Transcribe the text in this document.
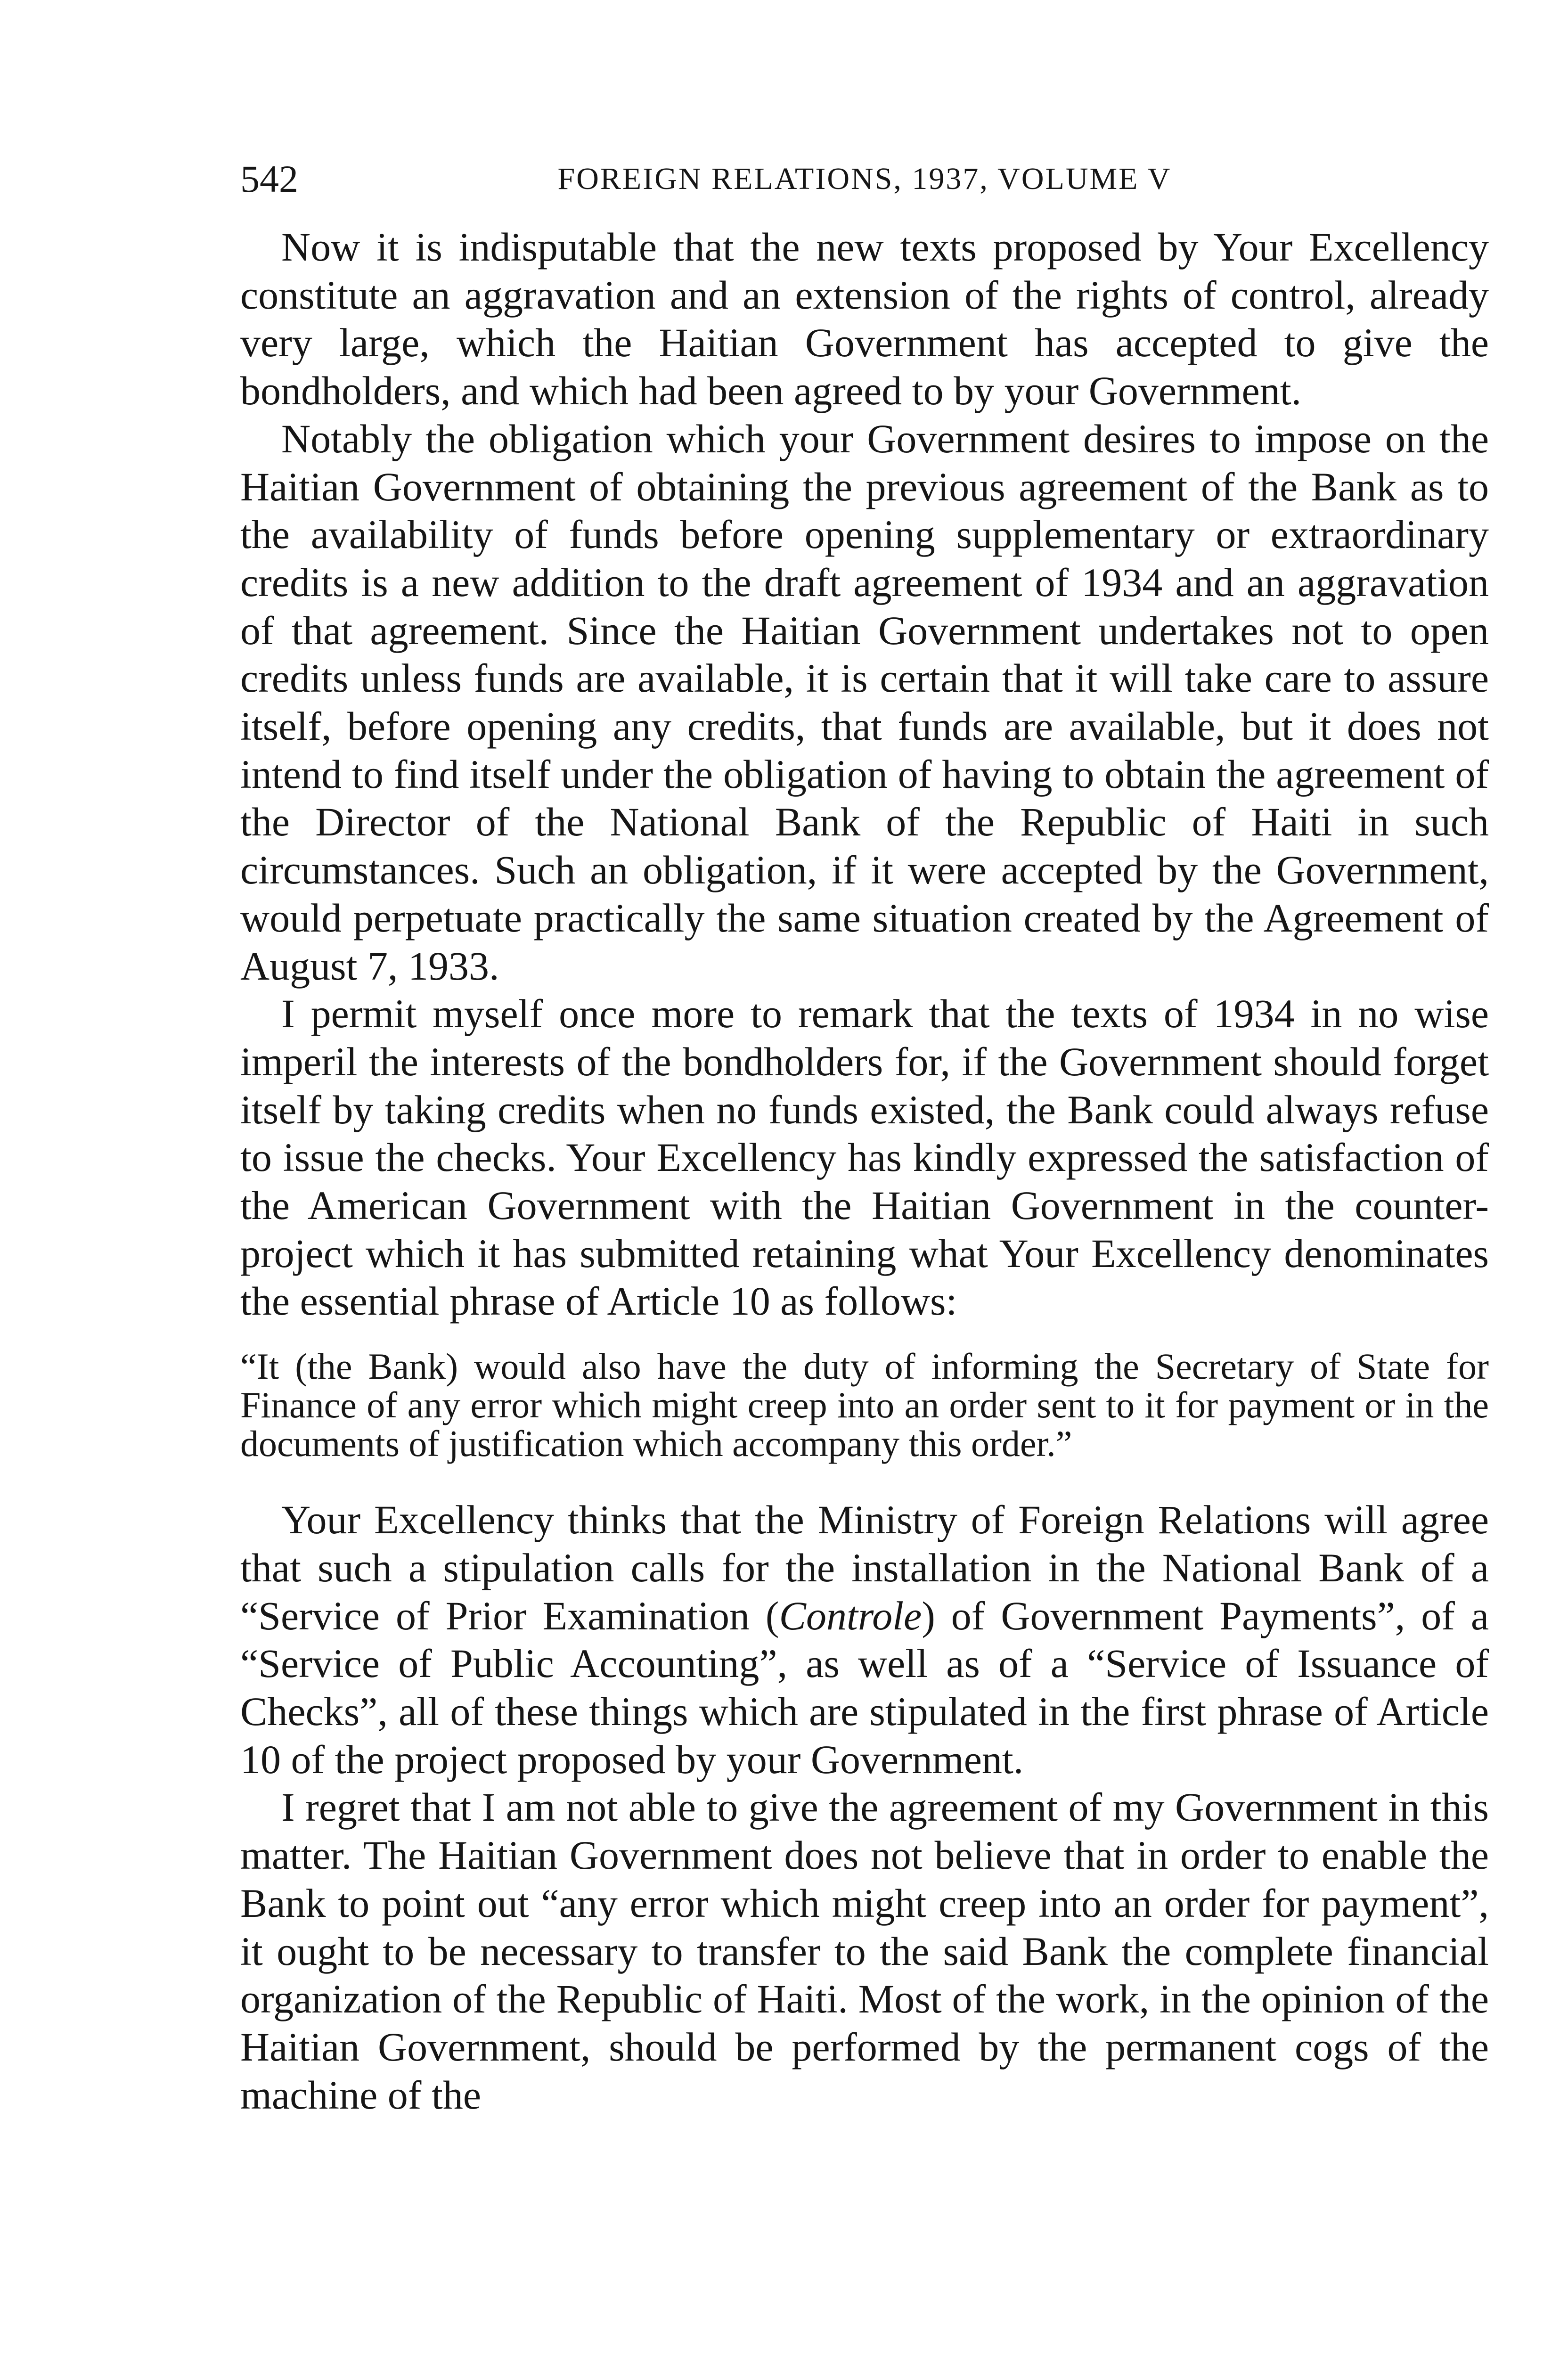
542	FOREIGN RELATIONS, 1937, VOLUME V

Now it is indisputable that the new texts proposed by Your Excellency constitute an aggravation and an extension of the rights of control, already very large, which the Haitian Government has accepted to give the bondholders, and which had been agreed to by your Government.

Notably the obligation which your Government desires to impose on the Haitian Government of obtaining the previous agreement of the Bank as to the availability of funds before opening supplementary or extraordinary credits is a new addition to the draft agreement of 1934 and an aggravation of that agreement. Since the Haitian Government undertakes not to open credits unless funds are available, it is certain that it will take care to assure itself, before opening any credits, that funds are available, but it does not intend to find itself under the obligation of having to obtain the agreement of the Director of the National Bank of the Republic of Haiti in such circumstances. Such an obligation, if it were accepted by the Government, would perpetuate practically the same situation created by the Agreement of August 7, 1933.

I permit myself once more to remark that the texts of 1934 in no wise imperil the interests of the bondholders for, if the Government should forget itself by taking credits when no funds existed, the Bank could always refuse to issue the checks. Your Excellency has kindly expressed the satisfaction of the American Government with the Haitian Government in the counter-project which it has submitted retaining what Your Excellency denominates the essential phrase of Article 10 as follows:

“It (the Bank) would also have the duty of informing the Secretary of State for Finance of any error which might creep into an order sent to it for payment or in the documents of justification which accompany this order.”

Your Excellency thinks that the Ministry of Foreign Relations will agree that such a stipulation calls for the installation in the National Bank of a “Service of Prior Examination (Controle) of Government Payments”, of a “Service of Public Accounting”, as well as of a “Service of Issuance of Checks”, all of these things which are stipulated in the first phrase of Article 10 of the project proposed by your Government.

I regret that I am not able to give the agreement of my Government in this matter. The Haitian Government does not believe that in order to enable the Bank to point out “any error which might creep into an order for payment”, it ought to be necessary to transfer to the said Bank the complete financial organization of the Republic of Haiti. Most of the work, in the opinion of the Haitian Government, should be performed by the permanent cogs of the machine of the
